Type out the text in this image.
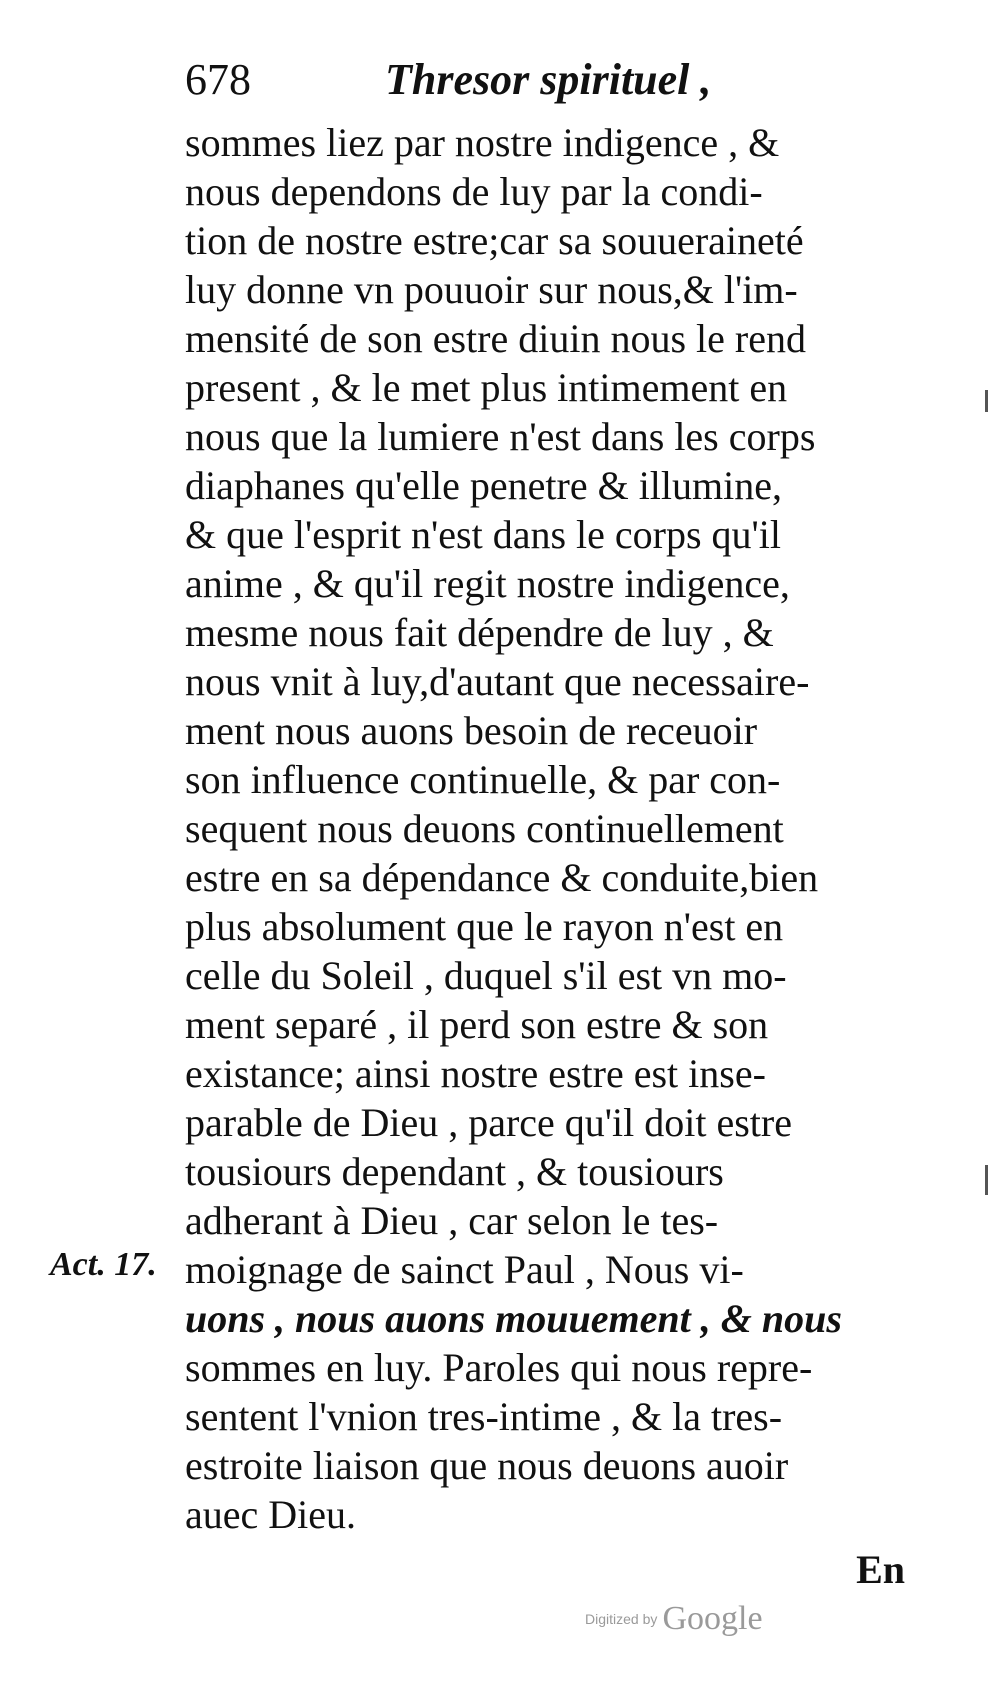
678	Thresor spirituel ,
sommes liez par nostre indigence , &
nous dependons de luy par la condi-
tion de nostre estre;car sa souueraineté
luy donne vn pouuoir sur nous,& l'im-
mensité de son estre diuin nous le rend
present , & le met plus intimement en
nous que la lumiere n'est dans les corps
diaphanes qu'elle penetre & illumine,
& que l'esprit n'est dans le corps qu'il
anime , & qu'il regit nostre indigence,
mesme nous fait dépendre de luy , &
nous vnit à luy,d'autant que necessaire-
ment nous auons besoin de receuoir
son influence continuelle, & par con-
sequent nous deuons continuellement
estre en sa dépendance & conduite,bien
plus absolument que le rayon n'est en
celle du Soleil , duquel s'il est vn mo-
ment separé , il perd son estre & son
existance; ainsi nostre estre est inse-
parable de Dieu , parce qu'il doit estre
tousiours dependant , & tousiours
adherant à Dieu , car selon le tes-
moignage de sainct Paul , Nous vi-
uons , nous auons mouuement , & nous
sommes en luy. Paroles qui nous repre-
sentent l'vnion tres-intime , & la tres-
estroite liaison que nous deuons auoir
auec Dieu.
Act. 17.
En
Digitized by Google
